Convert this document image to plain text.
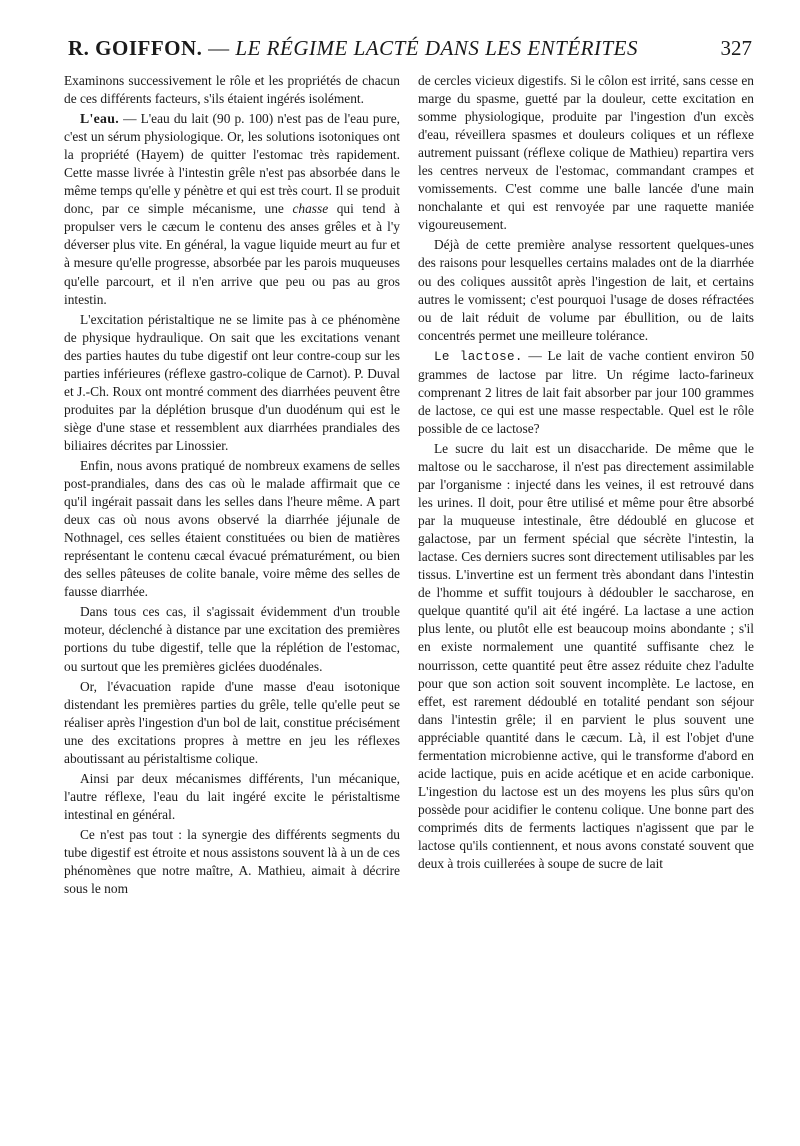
R. GOIFFON. — LE RÉGIME LACTÉ DANS LES ENTÉRITES	327

Examinons successivement le rôle et les propriétés de chacun de ces différents facteurs, s'ils étaient ingérés isolément.

L'eau. — L'eau du lait (90 p. 100) n'est pas de l'eau pure, c'est un sérum physiologique. Or, les solutions isotoniques ont la propriété (Hayem) de quitter l'estomac très rapidement. Cette masse livrée à l'intestin grêle n'est pas absorbée dans le même temps qu'elle y pénètre et qui est très court. Il se produit donc, par ce simple mécanisme, une chasse qui tend à propulser vers le cæcum le contenu des anses grêles et à l'y déverser plus vite. En général, la vague liquide meurt au fur et à mesure qu'elle progresse, absorbée par les parois muqueuses qu'elle parcourt, et il n'en arrive que peu ou pas au gros intestin.

L'excitation péristaltique ne se limite pas à ce phénomène de physique hydraulique. On sait que les excitations venant des parties hautes du tube digestif ont leur contre-coup sur les parties inférieures (réflexe gastro-colique de Carnot). P. Duval et J.-Ch. Roux ont montré comment des diarrhées peuvent être produites par la déplétion brusque d'un duodénum qui est le siège d'une stase et ressemblent aux diarrhées prandiales des biliaires décrites par Linossier.

Enfin, nous avons pratiqué de nombreux examens de selles post-prandiales, dans des cas où le malade affirmait que ce qu'il ingérait passait dans les selles dans l'heure même. A part deux cas où nous avons observé la diarrhée jéjunale de Nothnagel, ces selles étaient constituées ou bien de matières représentant le contenu cæcal évacué prématurément, ou bien des selles pâteuses de colite banale, voire même des selles de fausse diarrhée.

Dans tous ces cas, il s'agissait évidemment d'un trouble moteur, déclenché à distance par une excitation des premières portions du tube digestif, telle que la réplétion de l'estomac, ou surtout que les premières giclées duodénales.

Or, l'évacuation rapide d'une masse d'eau isotonique distendant les premières parties du grêle, telle qu'elle peut se réaliser après l'ingestion d'un bol de lait, constitue précisément une des excitations propres à mettre en jeu les réflexes aboutissant au péristaltisme colique.

Ainsi par deux mécanismes différents, l'un mécanique, l'autre réflexe, l'eau du lait ingéré excite le péristaltisme intestinal en général.

Ce n'est pas tout : la synergie des différents segments du tube digestif est étroite et nous assistons souvent là à un de ces phénomènes que notre maître, A. Mathieu, aimait à décrire sous le nom

de cercles vicieux digestifs. Si le côlon est irrité, sans cesse en marge du spasme, guetté par la douleur, cette excitation en somme physiologique, produite par l'ingestion d'un excès d'eau, réveillera spasmes et douleurs coliques et un réflexe autrement puissant (réflexe colique de Mathieu) repartira vers les centres nerveux de l'estomac, commandant crampes et vomissements. C'est comme une balle lancée d'une main nonchalante et qui est renvoyée par une raquette maniée vigoureusement.

Déjà de cette première analyse ressortent quelques-unes des raisons pour lesquelles certains malades ont de la diarrhée ou des coliques aussitôt après l'ingestion de lait, et certains autres le vomissent; c'est pourquoi l'usage de doses réfractées ou de lait réduit de volume par ébullition, ou de laits concentrés permet une meilleure tolérance.

Le lactose. — Le lait de vache contient environ 50 grammes de lactose par litre. Un régime lacto-farineux comprenant 2 litres de lait fait absorber par jour 100 grammes de lactose, ce qui est une masse respectable. Quel est le rôle possible de ce lactose?

Le sucre du lait est un disaccharide. De même que le maltose ou le saccharose, il n'est pas directement assimilable par l'organisme : injecté dans les veines, il est retrouvé dans les urines. Il doit, pour être utilisé et même pour être absorbé par la muqueuse intestinale, être dédoublé en glucose et galactose, par un ferment spécial que sécrète l'intestin, la lactase. Ces derniers sucres sont directement utilisables par les tissus. L'invertine est un ferment très abondant dans l'intestin de l'homme et suffit toujours à dédoubler le saccharose, en quelque quantité qu'il ait été ingéré. La lactase a une action plus lente, ou plutôt elle est beaucoup moins abondante ; s'il en existe normalement une quantité suffisante chez le nourrisson, cette quantité peut être assez réduite chez l'adulte pour que son action soit souvent incomplète. Le lactose, en effet, est rarement dédoublé en totalité pendant son séjour dans l'intestin grêle; il en parvient le plus souvent une appréciable quantité dans le cæcum. Là, il est l'objet d'une fermentation microbienne active, qui le transforme d'abord en acide lactique, puis en acide acétique et en acide carbonique. L'ingestion du lactose est un des moyens les plus sûrs qu'on possède pour acidifier le contenu colique. Une bonne part des comprimés dits de ferments lactiques n'agissent que par le lactose qu'ils contiennent, et nous avons constaté souvent que deux à trois cuillerées à soupe de sucre de lait
